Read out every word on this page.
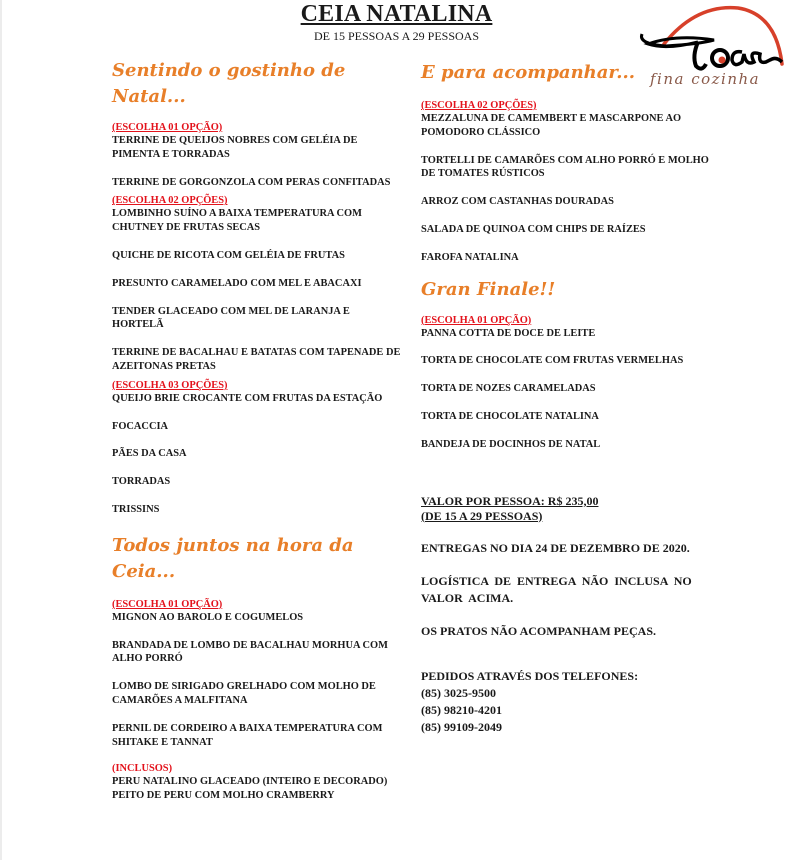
CEIA NATALINA
DE 15 PESSOAS A 29 PESSOAS
fina cozinha
Sentindo o gostinho de Natal...
(ESCOLHA 01 OPÇÃO)
TERRINE DE QUEIJOS NOBRES COM GELÉIA DE PIMENTA E TORRADAS
TERRINE DE GORGONZOLA COM PERAS CONFITADAS
(ESCOLHA 02 OPÇÕES)
LOMBINHO SUÍNO A BAIXA TEMPERATURA COM CHUTNEY DE FRUTAS SECAS
QUICHE DE RICOTA COM GELÉIA DE FRUTAS
PRESUNTO CARAMELADO COM MEL E ABACAXI
TENDER GLACEADO COM MEL DE LARANJA E HORTELÃ
TERRINE DE BACALHAU E BATATAS COM TAPENADE DE AZEITONAS PRETAS
(ESCOLHA 03 OPÇÕES)
QUEIJO BRIE CROCANTE COM FRUTAS DA ESTAÇÃO
FOCACCIA
PÃES DA CASA
TORRADAS
TRISSINS
Todos juntos na hora da Ceia...
(ESCOLHA 01 OPÇÃO)
MIGNON AO BAROLO E COGUMELOS
BRANDADA DE LOMBO DE BACALHAU MORHUA COM ALHO PORRÓ
LOMBO DE SIRIGADO GRELHADO COM MOLHO DE CAMARÕES A MALFITANA
PERNIL DE CORDEIRO A BAIXA TEMPERATURA COM SHITAKE E TANNAT
(INCLUSOS)
PERU NATALINO GLACEADO (INTEIRO E DECORADO)
PEITO DE PERU COM MOLHO CRAMBERRY
E para acompanhar...
(ESCOLHA 02 OPÇÕES)
MEZZALUNA DE CAMEMBERT E MASCARPONE AO POMODORO CLÁSSICO
TORTELLI DE CAMARÕES COM ALHO PORRÓ E MOLHO DE TOMATES RÚSTICOS
ARROZ COM CASTANHAS DOURADAS
SALADA DE QUINOA COM CHIPS DE RAÍZES
FAROFA NATALINA
Gran Finale!!
(ESCOLHA 01 OPÇÃO)
PANNA COTTA DE DOCE DE LEITE
TORTA DE CHOCOLATE COM FRUTAS VERMELHAS
TORTA DE NOZES CARAMELADAS
TORTA DE CHOCOLATE NATALINA
BANDEJA DE DOCINHOS DE NATAL
VALOR POR PESSOA: R$ 235,00
(DE 15 A 29 PESSOAS)
ENTREGAS NO DIA 24 DE DEZEMBRO DE 2020.
LOGÍSTICA DE ENTREGA NÃO INCLUSA NO VALOR ACIMA.
OS PRATOS NÃO ACOMPANHAM PEÇAS.
PEDIDOS ATRAVÉS DOS TELEFONES:
(85) 3025-9500
(85) 98210-4201
(85) 99109-2049
